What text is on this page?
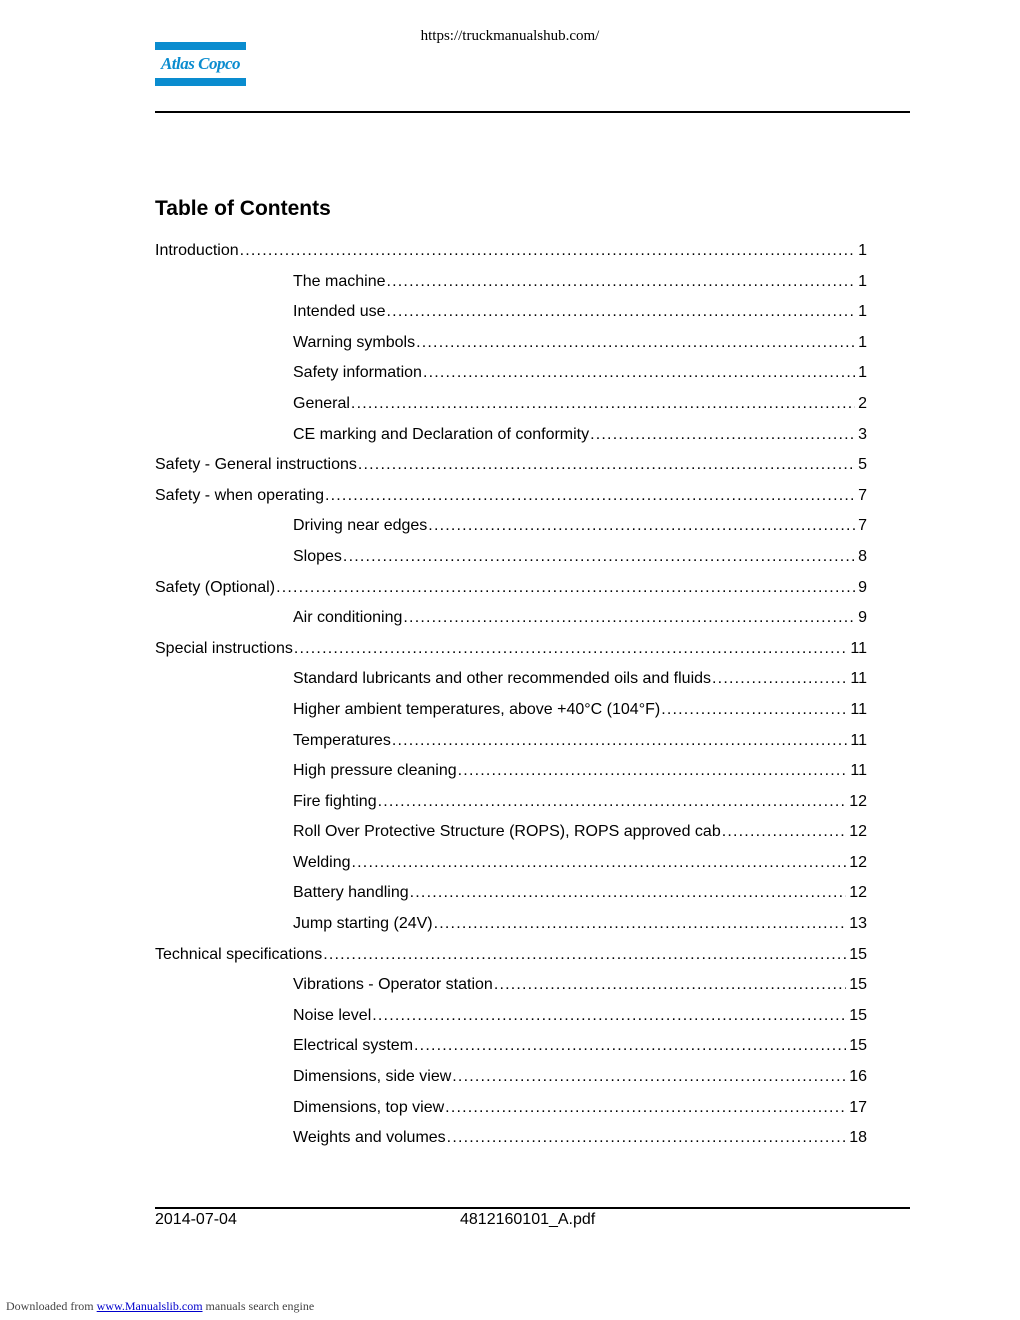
https://truckmanualshub.com/
Atlas Copco
Table of Contents
Introduction .....	1
The machine .....	1
Intended use .....	1
Warning symbols .....	1
Safety information .....	1
General .....	2
CE marking and Declaration of conformity .....	3
Safety - General instructions .....	5
Safety - when operating .....	7
Driving near edges .....	7
Slopes .....	8
Safety (Optional) .....	9
Air conditioning .....	9
Special instructions .....	11
Standard lubricants and other recommended oils and fluids .....	11
Higher ambient temperatures, above +40°C (104°F) .....	11
Temperatures .....	11
High pressure cleaning .....	11
Fire fighting .....	12
Roll Over Protective Structure (ROPS), ROPS approved cab .....	12
Welding .....	12
Battery handling .....	12
Jump starting (24V) .....	13
Technical specifications .....	15
Vibrations - Operator station .....	15
Noise level .....	15
Electrical system .....	15
Dimensions, side view .....	16
Dimensions, top view .....	17
Weights and volumes .....	18
2014-07-04	4812160101_A.pdf
Downloaded from www.Manualslib.com manuals search engine
